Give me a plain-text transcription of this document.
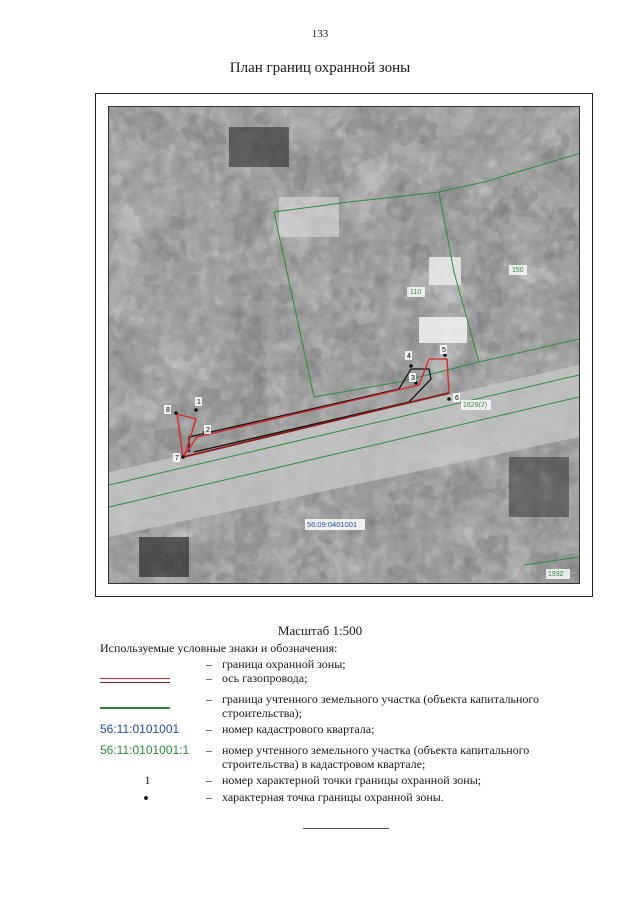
133
План границ охранной зоны
1
2
3
4
5
6
7
8
110
150
1629(2)
1932
56:09:0401001
Масштаб 1:500
Используемые условные знаки и обозначения:
– граница охранной зоны;
– ось газопровода;
– граница учтенного земельного участка (объекта капитального строительства);
56:11:0101001	– номер кадастрового квартала;
56:11:0101001:1	– номер учтенного земельного участка (объекта капитального строительства) в кадастровом квартале;
1	– номер характерной точки границы охранной зоны;
– характерная точка границы охранной зоны.
